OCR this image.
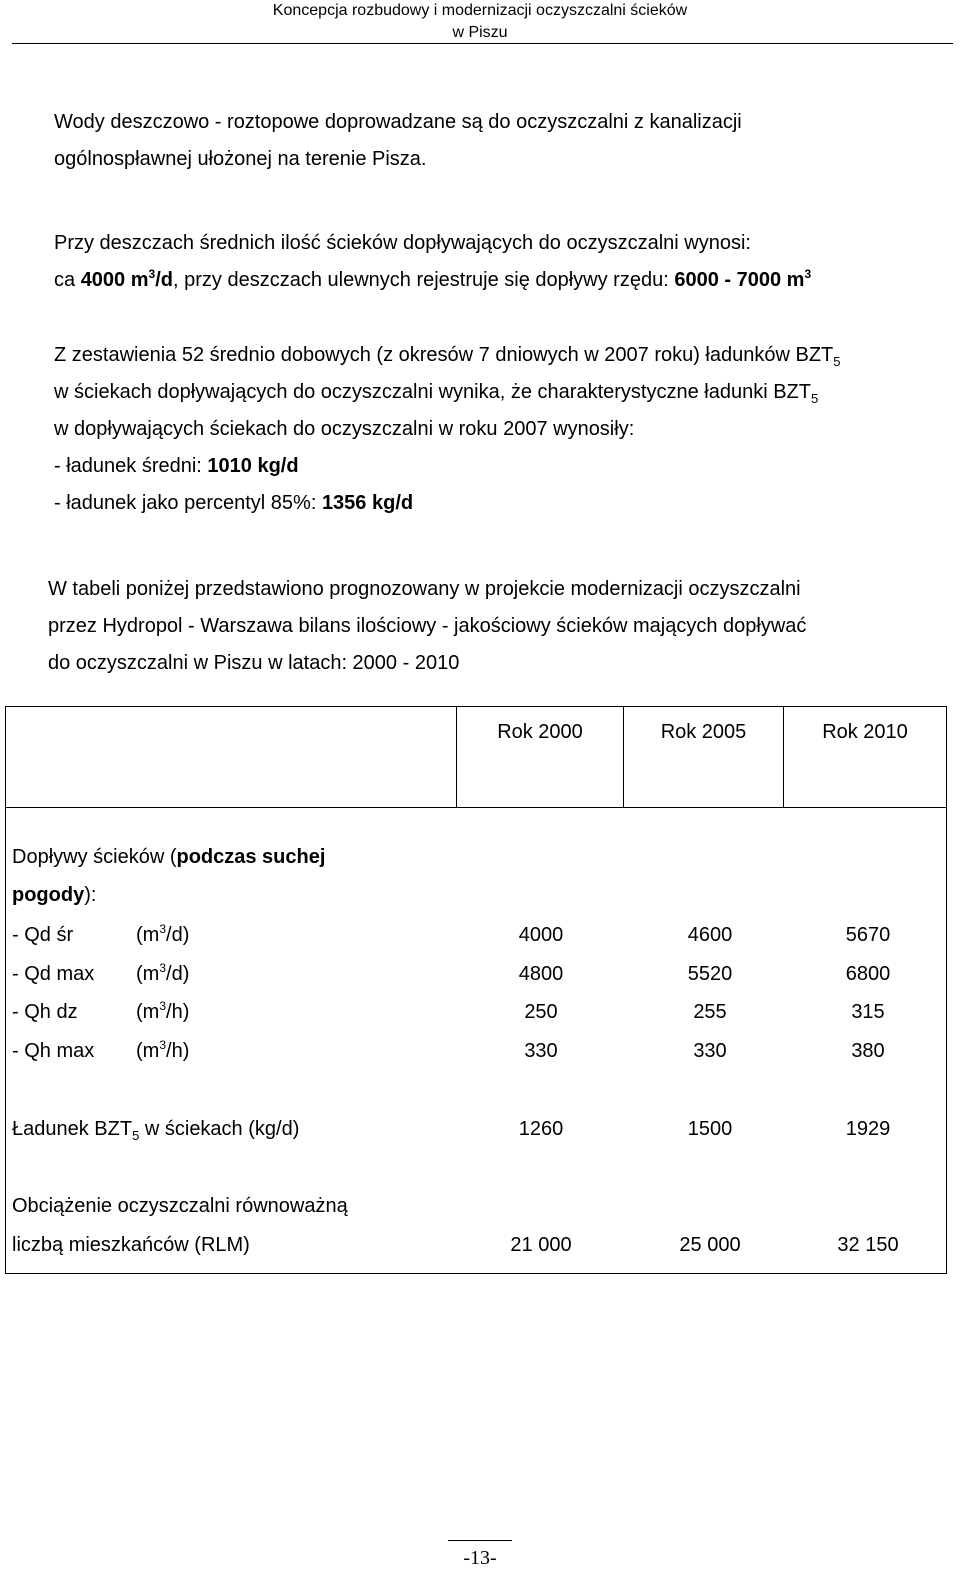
Koncepcja rozbudowy i modernizacji oczyszczalni ścieków
w Piszu
Wody deszczowo - roztopowe doprowadzane są do oczyszczalni z kanalizacji
ogólnospławnej ułożonej na terenie Pisza.
Przy deszczach średnich ilość ścieków dopływających do oczyszczalni wynosi:
ca 4000 $m^3/d$, przy deszczach ulewnych rejestruje się dopływy rzędu: 6000 - 7000 $m^3$
Z zestawienia 52 średnio dobowych (z okresów 7 dniowych w 2007 roku) ładunków $BZT_5$
w ściekach dopływających do oczyszczalni wynika, że charakterystyczne ładunki $BZT_5$
w dopływających ściekach do oczyszczalni w roku 2007 wynosiły:
- ładunek średni: 1010 kg/d
- ładunek jako percentyl 85%: 1356 kg/d
W tabeli poniżej przedstawiono prognozowany w projekcie modernizacji oczyszczalni
przez Hydropol - Warszawa bilans ilościowy - jakościowy ścieków mających dopływać
do oczyszczalni w Piszu w latach: 2000 - 2010
	Rok 2000	Rok 2005	Rok 2010

Dopływy ścieków (podczas suchej
pogody):
- Qd śr	$(m^3/d)$	4000	4600	5670
- Qd $\max (m^3/d)$	4800	5520	6800
- Qh dz	$(m^3/h)$	250	255	315
- Qh $\max (m^3/h)$	330	330	380
Ładunek $BZT_5$ w ściekach (kg/d)	1260	1500	1929
Obciążenie oczyszczalni równoważną
liczbą mieszkańców (RLM)	21 000	25 000	32 150
-13-
